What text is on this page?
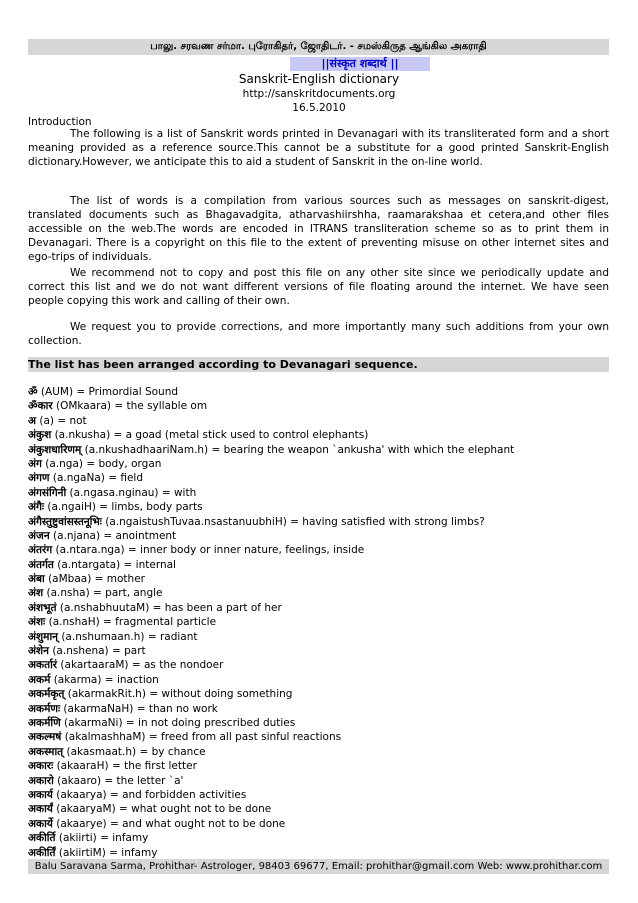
பாலு. சரவண சர்மா. புரோகிதர், ஜோதிடர். - சமஸ்கிருத ஆங்கில அகராதி
||संस्कृत शब्दार्थ ||
Sanskrit-English dictionary
http://sanskritdocuments.org
16.5.2010
Introduction
The following is a list of Sanskrit words printed in Devanagari with its transliterated form and a short meaning provided as a reference source.This cannot be a substitute for a good printed Sanskrit-English dictionary.However, we anticipate this to aid a student of Sanskrit in the on-line world.
The list of words is a compilation from various sources such as messages on sanskrit-digest, translated documents such as Bhagavadgita, atharvashiirshha, raamarakshaa et cetera,and other files accessible on the web.The words are encoded in ITRANS transliteration scheme so as to print them in Devanagari. There is a copyright on this file to the extent of preventing misuse on other internet sites and ego-trips of individuals.
We recommend not to copy and post this file on any other site since we periodically update and correct this list and we do not want different versions of file floating around the internet. We have seen people copying this work and calling of their own.
We request you to provide corrections, and more importantly many such additions from your own collection.
The list has been arranged according to Devanagari sequence.
ॐ (AUM) = Primordial Sound
ॐकार (OMkaara) = the syllable om
अ (a) = not
अंकुश (a.nkusha) = a goad (metal stick used to control elephants)
अंकुशधारिणम् (a.nkushadhaariNam.h) = bearing the weapon `ankusha' with which the elephant
अंग (a.nga) = body, organ
अंगण (a.ngaNa) = field
अंगसंगिनी (a.ngasa.nginau) = with
अंगैः (a.ngaiH) = limbs, body parts
अंगैस्तुष्टुवांसस्तनूभिः (a.ngaistushTuvaa.nsastanuubhiH) = having satisfied with strong limbs?
अंजन (a.njana) = anointment
अंतरंग (a.ntara.nga) = inner body or inner nature, feelings, inside
अंतर्गत (a.ntargata) = internal
अंबा (aMbaa) = mother
अंश (a.nsha) = part, angle
अंशभूतं (a.nshabhuutaM) = has been a part of her
अंशः (a.nshaH) = fragmental particle
अंशुमान् (a.nshumaan.h) = radiant
अंशेन (a.nshena) = part
अकर्तारं (akartaaraM) = as the nondoer
अकर्म (akarma) = inaction
अकर्मकृत् (akarmakRit.h) = without doing something
अकर्मणः (akarmaNaH) = than no work
अकर्मणि (akarmaNi) = in not doing prescribed duties
अकल्मषं (akalmashhaM) = freed from all past sinful reactions
अकस्मात् (akasmaat.h) = by chance
अकारः (akaaraH) = the first letter
अकारो (akaaro) = the letter `a'
अकार्य (akaarya) = and forbidden activities
अकार्यं (akaaryaM) = what ought not to be done
अकार्ये (akaarye) = and what ought not to be done
अकीर्ति (akiirti) = infamy
अकीर्तिं (akiirtiM) = infamy
Balu Saravana Sarma, Prohithar- Astrologer, 98403 69677, Email: prohithar@gmail.com Web: www.prohithar.com
